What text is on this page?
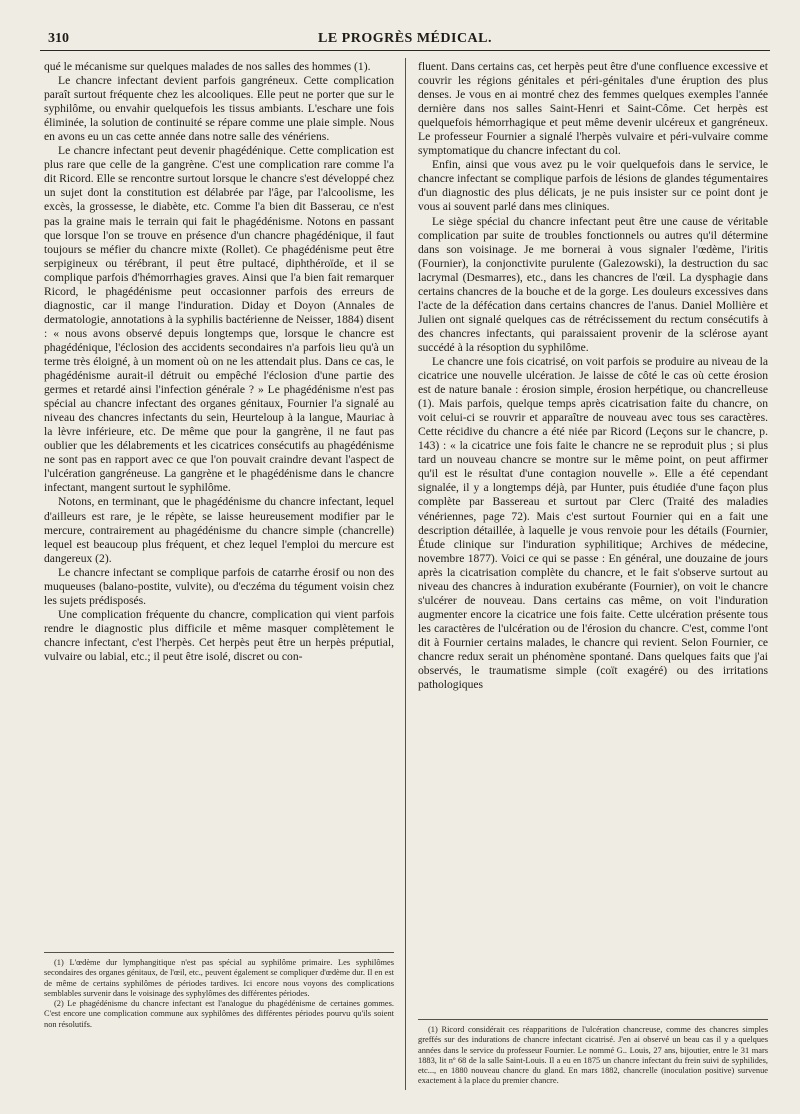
310	LE PROGRÈS MÉDICAL.

qué le mécanisme sur quelques malades de nos salles des hommes (1).

Le chancre infectant devient parfois gangréneux. Cette complication paraît surtout fréquente chez les alcooliques. Elle peut ne porter que sur le syphilôme, ou envahir quelquefois les tissus ambiants. L'eschare une fois éliminée, la solution de continuité se répare comme une plaie simple. Nous en avons eu un cas cette année dans notre salle des vénériens.

Le chancre infectant peut devenir phagédénique. Cette complication est plus rare que celle de la gangrène. C'est une complication rare comme l'a dit Ricord. Elle se rencontre surtout lorsque le chancre s'est développé chez un sujet dont la constitution est délabrée par l'âge, par l'alcoolisme, les excès, la grossesse, le diabète, etc. Comme l'a bien dit Basserau, ce n'est pas la graine mais le terrain qui fait le phagédénisme. Notons en passant que lorsque l'on se trouve en présence d'un chancre phagédénique, il faut toujours se méfier du chancre mixte (Rollet). Ce phagédénisme peut être serpigineux ou térébrant, il peut être pultacé, diphthéroïde, et il se complique parfois d'hémorrhagies graves. Ainsi que l'a bien fait remarquer Ricord, le phagédénisme peut occasionner parfois des erreurs de diagnostic, car il mange l'induration. Diday et Doyon (Annales de dermatologie, annotations à la syphilis bactérienne de Neisser, 1884) disent : « nous avons observé depuis longtemps que, lorsque le chancre est phagédénique, l'éclosion des accidents secondaires n'a parfois lieu qu'à un terme très éloigné, à un moment où on ne les attendait plus. Dans ce cas, le phagédénisme aurait-il détruit ou empêché l'éclosion d'une partie des germes et retardé ainsi l'infection générale ? » Le phagédénisme n'est pas spécial au chancre infectant des organes génitaux, Fournier l'a signalé au niveau des chancres infectants du sein, Heurteloup à la langue, Mauriac à la lèvre inférieure, etc. De même que pour la gangrène, il ne faut pas oublier que les délabrements et les cicatrices consécutifs au phagédénisme ne sont pas en rapport avec ce que l'on pouvait craindre devant l'aspect de l'ulcération gangréneuse. La gangrène et le phagédénisme dans le chancre infectant, mangent surtout le syphilôme.

Notons, en terminant, que le phagédénisme du chancre infectant, lequel d'ailleurs est rare, je le répète, se laisse heureusement modifier par le mercure, contrairement au phagédénisme du chancre simple (chancrelle) lequel est beaucoup plus fréquent, et chez lequel l'emploi du mercure est dangereux (2).

Le chancre infectant se complique parfois de catarrhe érosif ou non des muqueuses (balano-postite, vulvite), ou d'eczéma du tégument voisin chez les sujets prédisposés.

Une complication fréquente du chancre, complication qui vient parfois rendre le diagnostic plus difficile et même masquer complètement le chancre infectant, c'est l'herpès. Cet herpès peut être un herpès préputial, vulvaire ou labial, etc.; il peut être isolé, discret ou con-

fluent. Dans certains cas, cet herpès peut être d'une confluence excessive et couvrir les régions génitales et péri-génitales d'une éruption des plus denses. Je vous en ai montré chez des femmes quelques exemples l'année dernière dans nos salles Saint-Henri et Saint-Côme. Cet herpès est quelquefois hémorrhagique et peut même devenir ulcéreux et gangréneux. Le professeur Fournier a signalé l'herpès vulvaire et péri-vulvaire comme symptomatique du chancre infectant du col.

Enfin, ainsi que vous avez pu le voir quelquefois dans le service, le chancre infectant se complique parfois de lésions de glandes tégumentaires d'un diagnostic des plus délicats, je ne puis insister sur ce point dont je vous ai souvent parlé dans mes cliniques.

Le siège spécial du chancre infectant peut être une cause de véritable complication par suite de troubles fonctionnels ou autres qu'il détermine dans son voisinage. Je me bornerai à vous signaler l'œdème, l'iritis (Fournier), la conjonctivite purulente (Galezowski), la destruction du sac lacrymal (Desmarres), etc., dans les chancres de l'œil. La dysphagie dans certains chancres de la bouche et de la gorge. Les douleurs excessives dans l'acte de la défécation dans certains chancres de l'anus. Daniel Mollière et Julien ont signalé quelques cas de rétrécissement du rectum consécutifs à des chancres infectants, qui paraissaient provenir de la sclérose ayant succédé à la résoption du syphilôme.

Le chancre une fois cicatrisé, on voit parfois se produire au niveau de la cicatrice une nouvelle ulcération. Je laisse de côté le cas où cette érosion est de nature banale : érosion simple, érosion herpétique, ou chancrelleuse (1). Mais parfois, quelque temps après cicatrisation faite du chancre, on voit celui-ci se rouvrir et apparaître de nouveau avec tous ses caractères. Cette récidive du chancre a été niée par Ricord (Leçons sur le chancre, p. 143) : « la cicatrice une fois faite le chancre ne se reproduit plus ; si plus tard un nouveau chancre se montre sur le même point, on peut affirmer qu'il est le résultat d'une contagion nouvelle ». Elle a été cependant signalée, il y a longtemps déjà, par Hunter, puis étudiée d'une façon plus complète par Bassereau et surtout par Clerc (Traité des maladies vénériennes, page 72). Mais c'est surtout Fournier qui en a fait une description détaillée, à laquelle je vous renvoie pour les détails (Fournier, Étude clinique sur l'induration syphilitique; Archives de médecine, novembre 1877). Voici ce qui se passe : En général, une douzaine de jours après la cicatrisation complète du chancre, et le fait s'observe surtout au niveau des chancres à induration exubérante (Fournier), on voit le chancre s'ulcérer de nouveau. Dans certains cas même, on voit l'induration augmenter encore la cicatrice une fois faite. Cette ulcération présente tous les caractères de l'ulcération ou de l'érosion du chancre. C'est, comme l'ont dit à Fournier certains malades, le chancre qui revient. Selon Fournier, ce chancre redux serait un phénomène spontané. Dans quelques faits que j'ai observés, le traumatisme simple (coït exagéré) ou des irritations pathologiques

(1) L'œdème dur lymphangitique n'est pas spécial au syphilôme primaire. Les syphilômes secondaires des organes génitaux, de l'œil, etc., peuvent également se compliquer d'œdème dur. Il en est de même de certains syphilômes de périodes tardives. Ici encore nous voyons des complications semblables survenir dans le voisinage des syphylômes des différentes périodes.

(2) Le phagédénisme du chancre infectant est l'analogue du phagédénisme de certaines gommes. C'est encore une complication commune aux syphilômes des différentes périodes pourvu qu'ils soient non résolutifs.

(1) Ricord considérait ces réapparitions de l'ulcération chancreuse, comme des chancres simples greffés sur des indurations de chancre infectant cicatrisé. J'en ai observé un beau cas il y a quelques années dans le service du professeur Fournier. Le nommé G.. Louis, 27 ans, bijoutier, entre le 31 mars 1883, lit nº 68 de la salle Saint-Louis. Il a eu en 1875 un chancre infectant du frein suivi de syphilides, etc..., en 1880 nouveau chancre du gland. En mars 1882, chancrelle (inoculation positive) survenue exactement à la place du premier chancre.
